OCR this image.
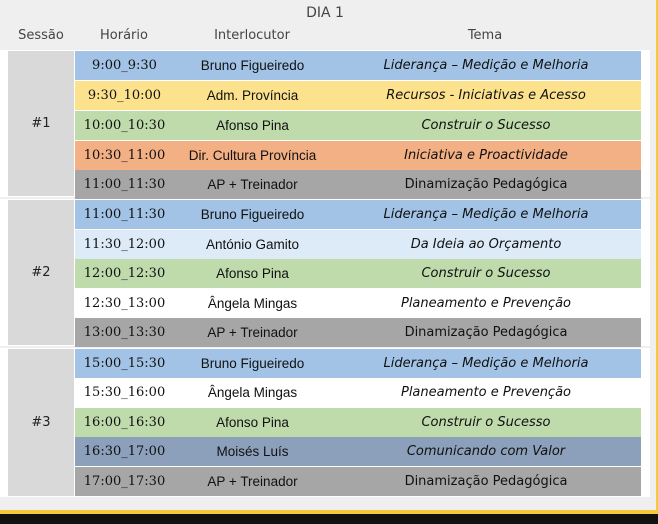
DIA 1
Sessão	Horário	Interlocutor	Tema
#1
9:00_9:30	Bruno Figueiredo	Liderança – Medição e Melhoria
9:30_10:00	Adm. Província	Recursos - Iniciativas e Acesso
10:00_10:30	Afonso Pina	Construir o Sucesso
10:30_11:00	Dir. Cultura Província	Iniciativa e Proactividade
11:00_11:30	AP + Treinador	Dinamização Pedagógica
#2
11:00_11:30	Bruno Figueiredo	Liderança – Medição e Melhoria
11:30_12:00	António Gamito	Da Ideia ao Orçamento
12:00_12:30	Afonso Pina	Construir o Sucesso
12:30_13:00	Ângela Mingas	Planeamento e Prevenção
13:00_13:30	AP + Treinador	Dinamização Pedagógica
#3
15:00_15:30	Bruno Figueiredo	Liderança – Medição e Melhoria
15:30_16:00	Ângela Mingas	Planeamento e Prevenção
16:00_16:30	Afonso Pina	Construir o Sucesso
16:30_17:00	Moisés Luís	Comunicando com Valor
17:00_17:30	AP + Treinador	Dinamização Pedagógica
